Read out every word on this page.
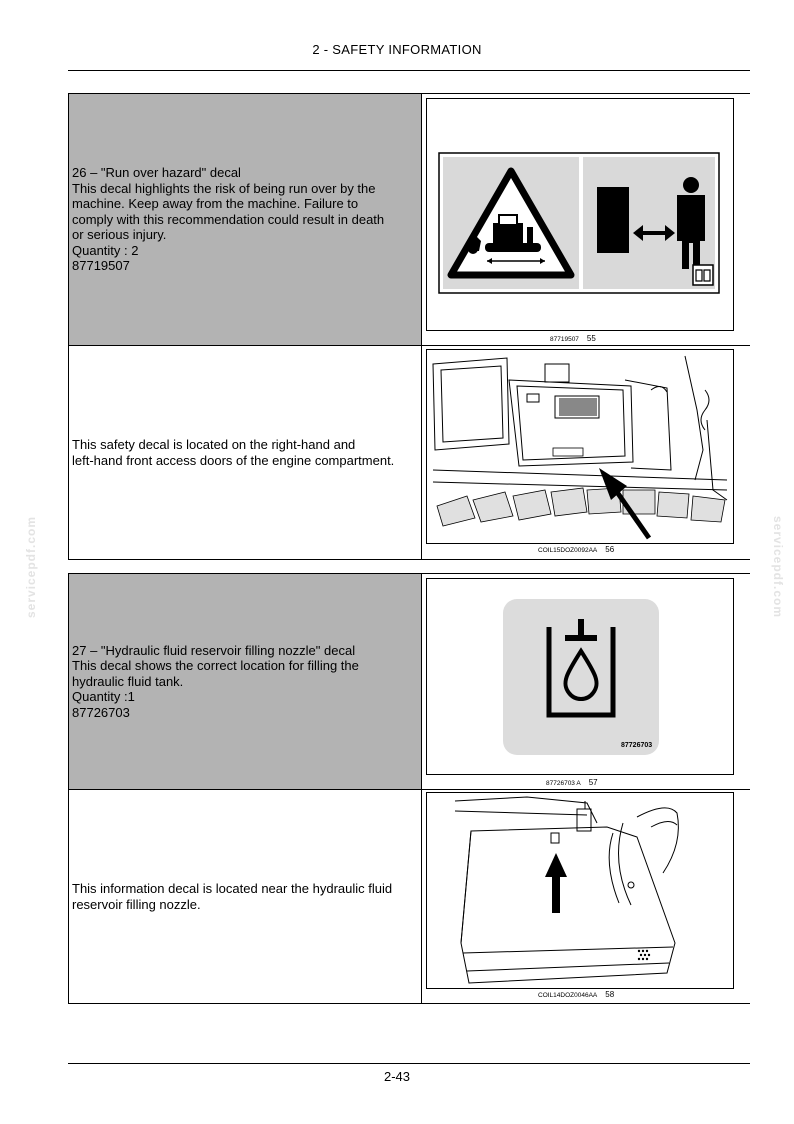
2 - SAFETY INFORMATION
servicepdf.com	servicepdf.com

26 – "Run over hazard" decal

This decal highlights the risk of being run over by the

machine. Keep away from the machine. Failure to

comply with this recommendation could result in death

or serious injury.

Quantity : 2

87719507

87719507 55

This safety decal is located on the right-hand and

left-hand front access doors of the engine compartment.

COIL15DOZ0092AA 56

27 – "Hydraulic fluid reservoir filling nozzle" decal

This decal shows the correct location for filling the

hydraulic fluid tank.

Quantity :1

87726703

87726703
87726703 A 57

This information decal is located near the hydraulic fluid

reservoir filling nozzle.

COIL14DOZ0046AA 58
2-43
